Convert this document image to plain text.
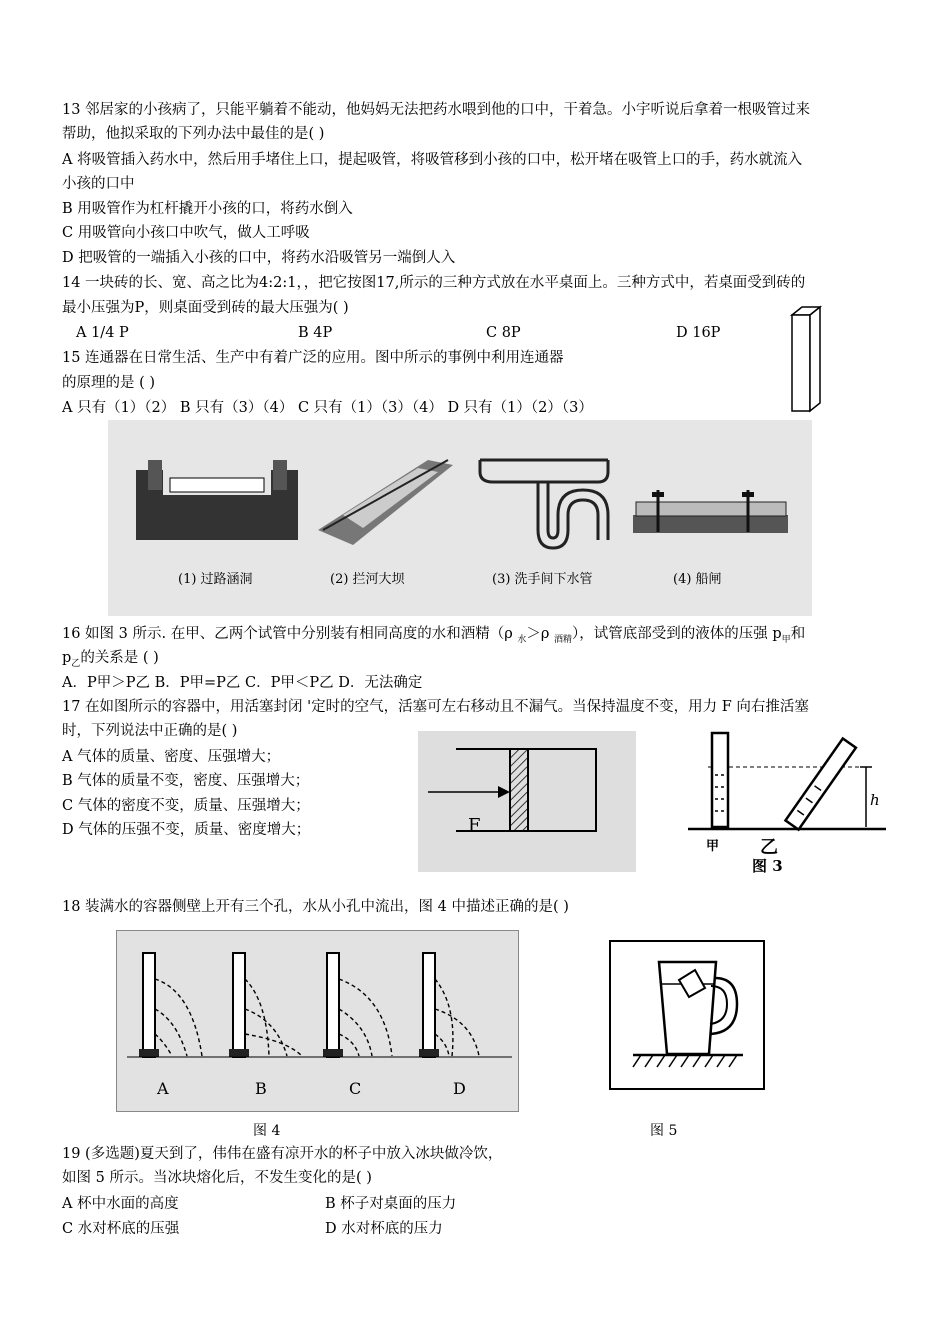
13 邻居家的小孩病了，只能平躺着不能动，他妈妈无法把药水喂到他的口中，干着急。小宇听说后拿着一根吸管过来
帮助，他拟采取的下列办法中最佳的是( )
A 将吸管插入药水中，然后用手堵住上口，提起吸管，将吸管移到小孩的口中，松开堵在吸管上口的手，药水就流入
小孩的口中
B 用吸管作为杠杆撬开小孩的口，将药水倒入
C 用吸管向小孩口中吹气，做人工呼吸
D 把吸管的一端插入小孩的口中，将药水沿吸管另一端倒人入
14 一块砖的长、宽、高之比为4:2:1，，把它按图17,所示的三种方式放在水平桌面上。三种方式中，若桌面受到砖的
最小压强为P，则桌面受到砖的最大压强为( )
A 1/4 P	B 4P	C 8P	D 16P
15 连通器在日常生活、生产中有着广泛的应用。图中所示的事例中利用连通器
的原理的是 ( )
A 只有（1）（2） B 只有（3）（4） C 只有（1）（3）（4） D 只有（1）（2）（3）
(1) 过路涵洞	(2) 拦河大坝	(3) 洗手间下水管	(4) 船闸
16 如图 3 所示. 在甲、乙两个试管中分别装有相同高度的水和酒精（ρ $_水$＞ρ $_{酒精}$），试管底部受到的液体的压强 $p_甲$和
$p_乙$的关系是 ( )
A．P甲＞P乙 B．P甲=P乙 C．P甲＜P乙 D．无法确定
17 在如图所示的容器中，用活塞封闭 '定时的空气，活塞可左右移动且不漏气。当保持温度不变，用力 F 向右推活塞
时，下列说法中正确的是( )
A 气体的质量、密度、压强增大；
B 气体的质量不变，密度、压强增大；
C 气体的密度不变，质量、压强增大；
D 气体的压强不变，质量、密度增大；	F
甲 乙
图 3
h
18 装满水的容器侧壁上开有三个孔，水从小孔中流出，图 4 中描述正确的是( )
A	B	C	D
图 4	图 5
19 (多选题)夏天到了，伟伟在盛有凉开水的杯子中放入冰块做冷饮，
如图 5 所示。当冰块熔化后，不发生变化的是( )
A 杯中水面的高度	B 杯子对桌面的压力
C 水对杯底的压强	D 水对杯底的压力
